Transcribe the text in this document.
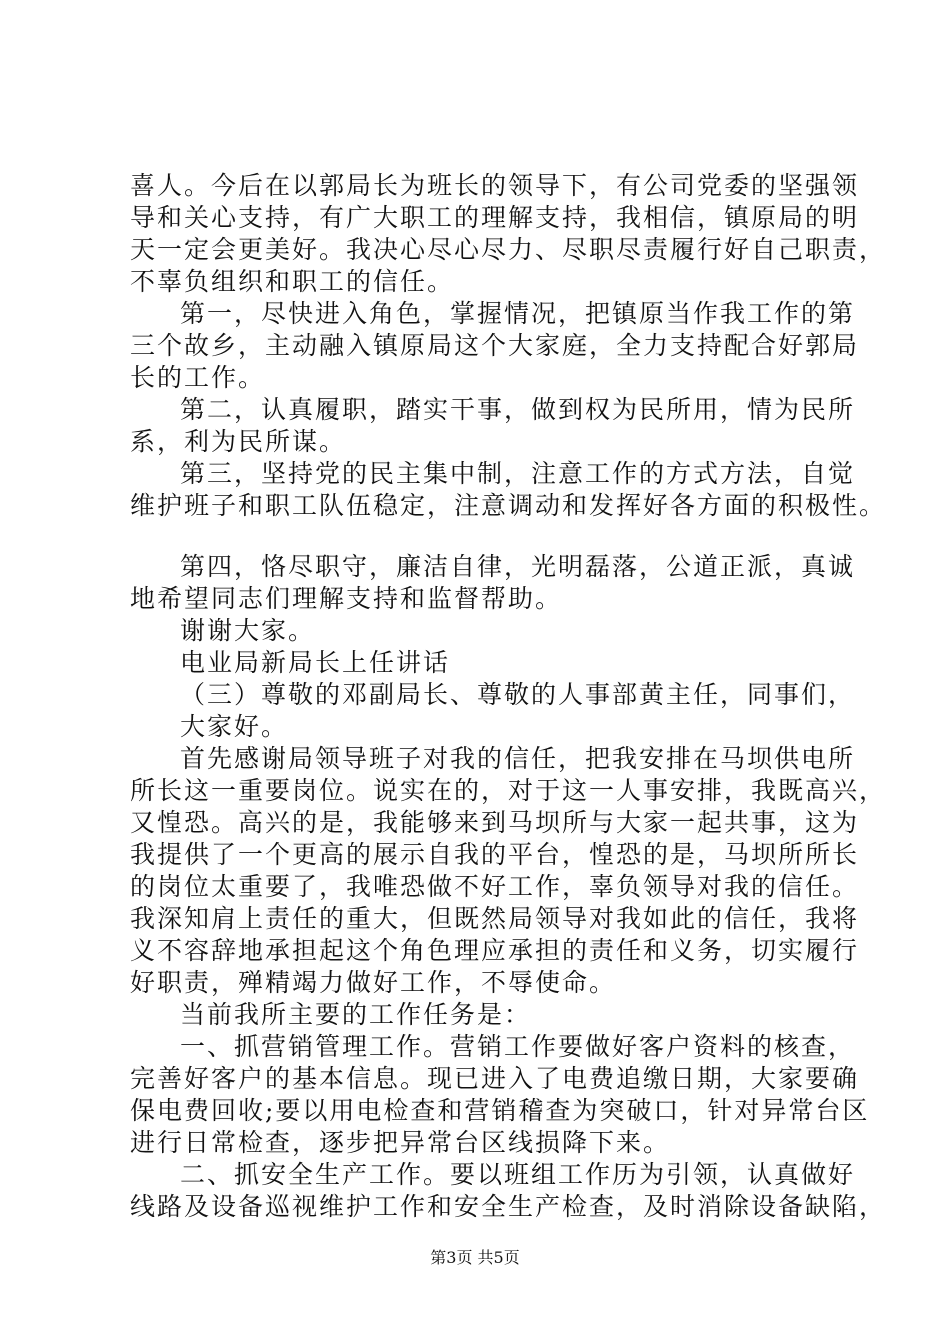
喜人。今后在以郭局长为班长的领导下，有公司党委的坚强领
导和关心支持，有广大职工的理解支持，我相信，镇原局的明
天一定会更美好。我决心尽心尽力、尽职尽责履行好自己职责，
不辜负组织和职工的信任。
第一，尽快进入角色，掌握情况，把镇原当作我工作的第
三个故乡，主动融入镇原局这个大家庭，全力支持配合好郭局
长的工作。
第二，认真履职，踏实干事，做到权为民所用，情为民所
系，利为民所谋。
第三，坚持党的民主集中制，注意工作的方式方法，自觉
维护班子和职工队伍稳定，注意调动和发挥好各方面的积极性。
第四，恪尽职守，廉洁自律，光明磊落，公道正派，真诚
地希望同志们理解支持和监督帮助。
谢谢大家。
电业局新局长上任讲话
（三）尊敬的邓副局长、尊敬的人事部黄主任，同事们，
大家好。
首先感谢局领导班子对我的信任，把我安排在马坝供电所
所长这一重要岗位。说实在的，对于这一人事安排，我既高兴，
又惶恐。高兴的是，我能够来到马坝所与大家一起共事，这为
我提供了一个更高的展示自我的平台，惶恐的是，马坝所所长
的岗位太重要了，我唯恐做不好工作，辜负领导对我的信任。
我深知肩上责任的重大，但既然局领导对我如此的信任，我将
义不容辞地承担起这个角色理应承担的责任和义务，切实履行
好职责，殚精竭力做好工作，不辱使命。
当前我所主要的工作任务是：
一、抓营销管理工作。营销工作要做好客户资料的核查，
完善好客户的基本信息。现已进入了电费追缴日期，大家要确
保电费回收;要以用电检查和营销稽查为突破口，针对异常台区
进行日常检查，逐步把异常台区线损降下来。
二、抓安全生产工作。要以班组工作历为引领，认真做好
线路及设备巡视维护工作和安全生产检查，及时消除设备缺陷，
第3页 共5页
